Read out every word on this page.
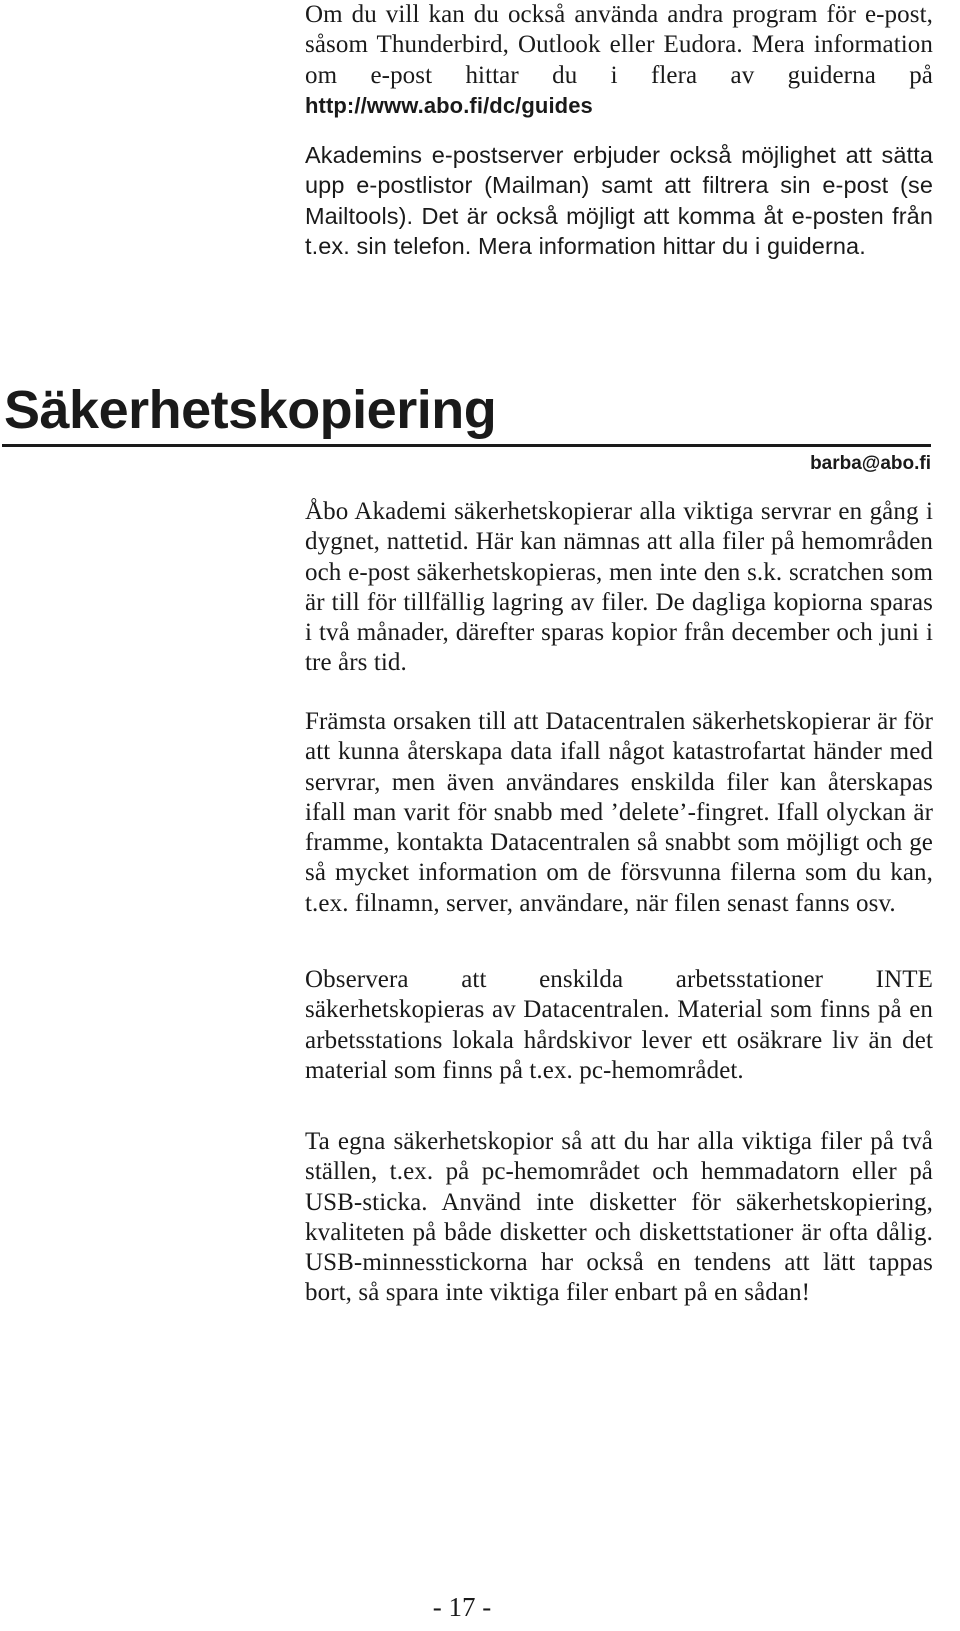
Om du vill kan du också använda andra program för e-post, såsom Thunderbird, Outlook eller Eudora. Mera information om e-post hittar du i flera av guiderna på http://www.abo.fi/dc/guides

Akademins e-postserver erbjuder också möjlighet att sätta upp e-postlistor (Mailman) samt att filtrera sin e-post (se Mailtools). Det är också möjligt att komma åt e-posten från t.ex. sin telefon. Mera information hittar du i guiderna.

Säkerhetskopiering
barba@abo.fi

Åbo Akademi säkerhetskopierar alla viktiga servrar en gång i dygnet, nattetid. Här kan nämnas att alla filer på hemområden och e-post säkerhetskopieras, men inte den s.k. scratchen som är till för tillfällig lagring av filer. De dagliga kopiorna sparas i två månader, därefter sparas kopior från december och juni i tre års tid.

Främsta orsaken till att Datacentralen säkerhetskopierar är för att kunna återskapa data ifall något katastrofartat händer med servrar, men även användares enskilda filer kan återskapas ifall man varit för snabb med ’delete’-fingret. Ifall olyckan är framme, kontakta Datacentralen så snabbt som möjligt och ge så mycket information om de försvunna filerna som du kan, t.ex. filnamn, server, användare, när filen senast fanns osv.

Observera att enskilda arbetsstationer INTE säkerhetskopieras av Datacentralen. Material som finns på en arbetsstations lokala hårdskivor lever ett osäkrare liv än det material som finns på t.ex. pc-hemområdet.

Ta egna säkerhetskopior så att du har alla viktiga filer på två ställen, t.ex. på pc-hemområdet och hemmadatorn eller på USB-sticka. Använd inte disketter för säkerhetskopiering, kvaliteten på både disketter och diskettstationer är ofta dålig. USB-minnesstickorna har också en tendens att lätt tappas bort, så spara inte viktiga filer enbart på en sådan!

- 17 -
